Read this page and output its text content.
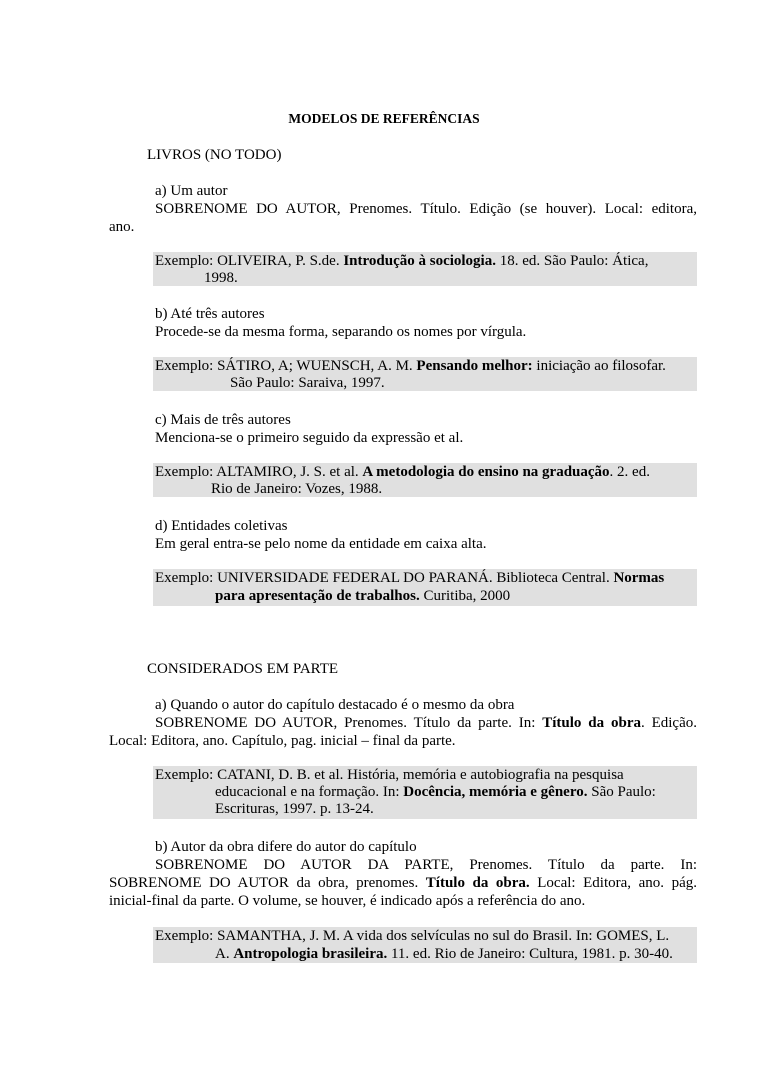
MODELOS DE REFERÊNCIAS
LIVROS (NO TODO)
a) Um autor
SOBRENOME DO AUTOR, Prenomes. Título. Edição (se houver). Local: editora,
ano.
Exemplo: OLIVEIRA, P. S.de. Introdução à sociologia. 18. ed. São Paulo: Ática,
1998.
b) Até três autores
Procede-se da mesma forma, separando os nomes por vírgula.
Exemplo: SÁTIRO, A; WUENSCH, A. M. Pensando melhor: iniciação ao filosofar.
São Paulo: Saraiva, 1997.
c) Mais de três autores
Menciona-se o primeiro seguido da expressão et al.
Exemplo: ALTAMIRO, J. S. et al. A metodologia do ensino na graduação. 2. ed.
Rio de Janeiro: Vozes, 1988.
d) Entidades coletivas
Em geral entra-se pelo nome da entidade em caixa alta.
Exemplo: UNIVERSIDADE FEDERAL DO PARANÁ. Biblioteca Central. Normas
para apresentação de trabalhos. Curitiba, 2000
CONSIDERADOS EM PARTE
a) Quando o autor do capítulo destacado é o mesmo da obra
SOBRENOME DO AUTOR, Prenomes. Título da parte. In: Título da obra. Edição.
Local: Editora, ano. Capítulo, pag. inicial – final da parte.
Exemplo: CATANI, D. B. et al. História, memória e autobiografia na pesquisa
educacional e na formação. In: Docência, memória e gênero. São Paulo:
Escrituras, 1997. p. 13-24.
b) Autor da obra difere do autor do capítulo
SOBRENOME DO AUTOR DA PARTE, Prenomes. Título da parte. In:
SOBRENOME DO AUTOR da obra, prenomes. Título da obra. Local: Editora, ano. pág.
inicial-final da parte. O volume, se houver, é indicado após a referência do ano.
Exemplo: SAMANTHA, J. M. A vida dos selvículas no sul do Brasil. In: GOMES, L.
A. Antropologia brasileira. 11. ed. Rio de Janeiro: Cultura, 1981. p. 30-40.
